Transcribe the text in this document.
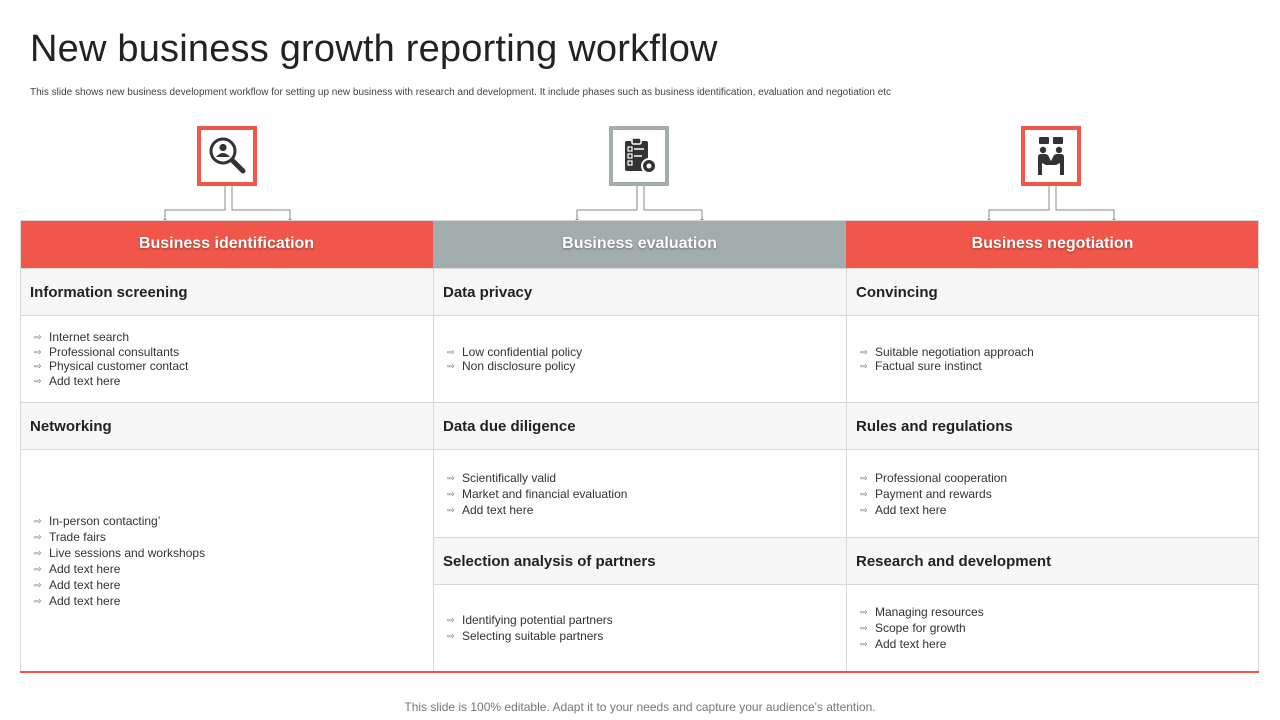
New business growth reporting workflow
This slide shows new business development workflow for setting up new business with research and development. It include phases such as business identification, evaluation and negotiation etc
Business identification
Information screening
⇨ Internet search
⇨ Professional consultants
⇨ Physical customer contact
⇨ Add text here
Networking
⇨ In-person contacting’
⇨ Trade fairs
⇨ Live sessions and workshops
⇨ Add text here
⇨ Add text here
⇨ Add text here
Business evaluation
Data privacy
⇨ Low confidential policy
⇨ Non disclosure policy
Data due diligence
⇨ Scientifically valid
⇨ Market and financial evaluation
⇨ Add text here
Selection analysis of partners
⇨ Identifying potential partners
⇨ Selecting suitable partners
Business negotiation
Convincing
⇨ Suitable negotiation approach
⇨ Factual sure instinct
Rules and regulations
⇨ Professional cooperation
⇨ Payment and rewards
⇨ Add text here
Research and development
⇨ Managing resources
⇨ Scope for growth
⇨ Add text here
This slide is 100% editable. Adapt it to your needs and capture your audience's attention.
